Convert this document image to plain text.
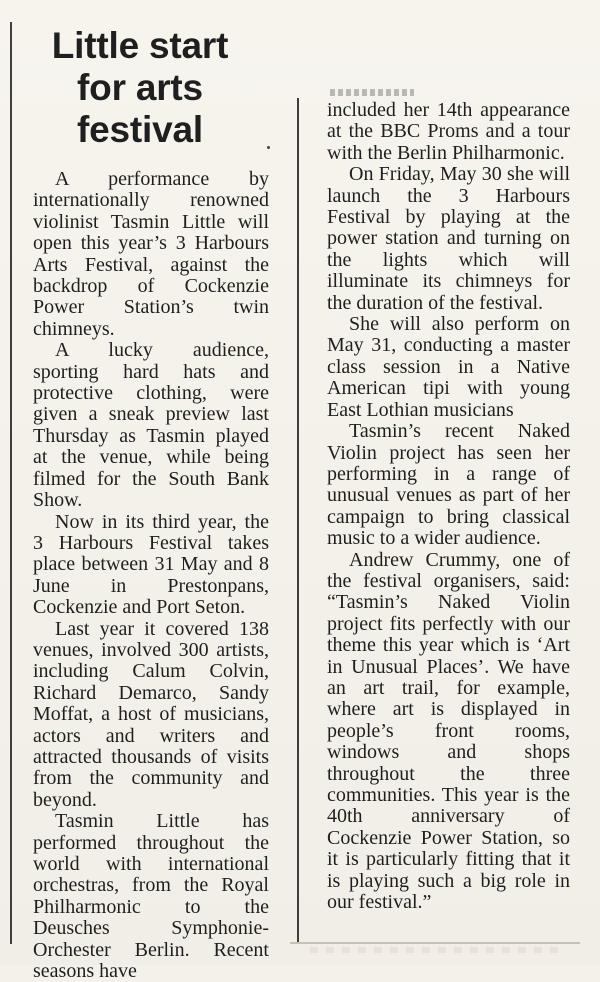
Little start
for arts
festival

A performance by internationally renowned violinist Tasmin Little will open this year’s 3 Harbours Arts Festival, against the backdrop of Cockenzie Power Station’s twin chimneys.

A lucky audience, sporting hard hats and protective clothing, were given a sneak preview last Thursday as Tasmin played at the venue, while being filmed for the South Bank Show.

Now in its third year, the 3 Harbours Festival takes place between 31 May and 8 June in Prestonpans, Cockenzie and Port Seton.

Last year it covered 138 venues, involved 300 artists, including Calum Colvin, Richard Demarco, Sandy Moffat, a host of musicians, actors and writers and attracted thousands of visits from the community and beyond.

Tasmin Little has performed throughout the world with international orchestras, from the Royal Philharmonic to the Deusches Symphonie-Orchester Berlin. Recent seasons have

included her 14th appearance at the BBC Proms and a tour with the Berlin Philharmonic.

On Friday, May 30 she will launch the 3 Harbours Festival by playing at the power station and turning on the lights which will illuminate its chimneys for the duration of the festival.

She will also perform on May 31, conducting a master class session in a Native American tipi with young East Lothian musicians

Tasmin’s recent Naked Violin project has seen her performing in a range of unusual venues as part of her campaign to bring classical music to a wider audience.

Andrew Crummy, one of the festival organisers, said: “Tasmin’s Naked Violin project fits perfectly with our theme this year which is ‘Art in Unusual Places’. We have an art trail, for example, where art is displayed in people’s front rooms, windows and shops throughout the three communities. This year is the 40th anniversary of Cockenzie Power Station, so it is particularly fitting that it is playing such a big role in our festival.”
